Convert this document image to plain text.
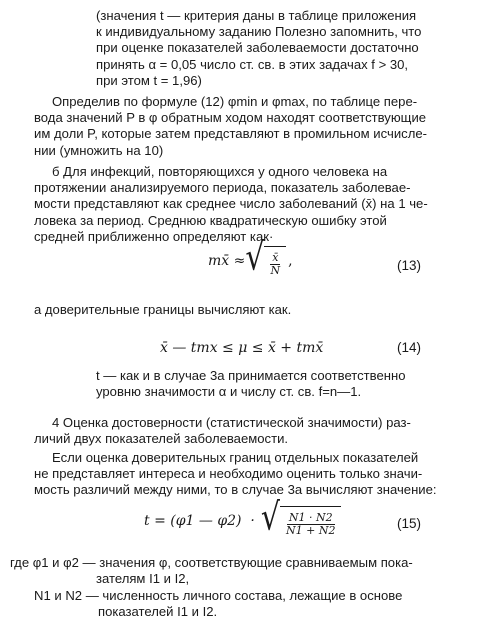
(значения t — критерия даны в таблице приложения
к индивидуальному заданию Полезно запомнить, что
при оценке показателей заболеваемости достаточно
принять α = 0,05 число ст. св. в этих задачах f > 30,
при этом t = 1,96)
Определив по формуле (12) φmin и φmax, по таблице пере-
вода значений P в φ обратным ходом находят соответствующие
им доли P, которые затем представляют в промильном исчисле-
нии (умножить на 10)
б Для инфекций, повторяющихся у одного человека на
протяжении анализируемого периода, показатель заболевае-
мости представляют как среднее число заболеваний (x̄) на 1 че-
ловека за период. Среднюю квадратическую ошибку этой
средней приближенно определяют как·
mx̄ ≈ √ $\frac{x̄}{N}$ ,	(13)
а доверительные границы вычисляют как.
x̄ — tmx ≤ μ ≤ x̄ + tmx̄	(14)
t — как и в случае 3а принимается соответственно
уровню значимости α и числу ст. св. f=n—1.
4 Оценка достоверности (статистической значимости) раз-
личий двух показателей заболеваемости.
Если оценка доверительных границ отдельных показателей
не представляет интереса и необходимо оценить только значи-
мость различий между ними, то в случае 3а вычисляют значение:
t = (φ1 — φ2)  · √ $\frac{N1 \cdot N2}{N1 + N2}$	(15)
где φ1 и φ2 — значения φ, соответствующие сравниваемым пока-
зателям I1 и I2,
N1 и N2 — численность личного состава, лежащие в основе
показателей I1 и I2.
